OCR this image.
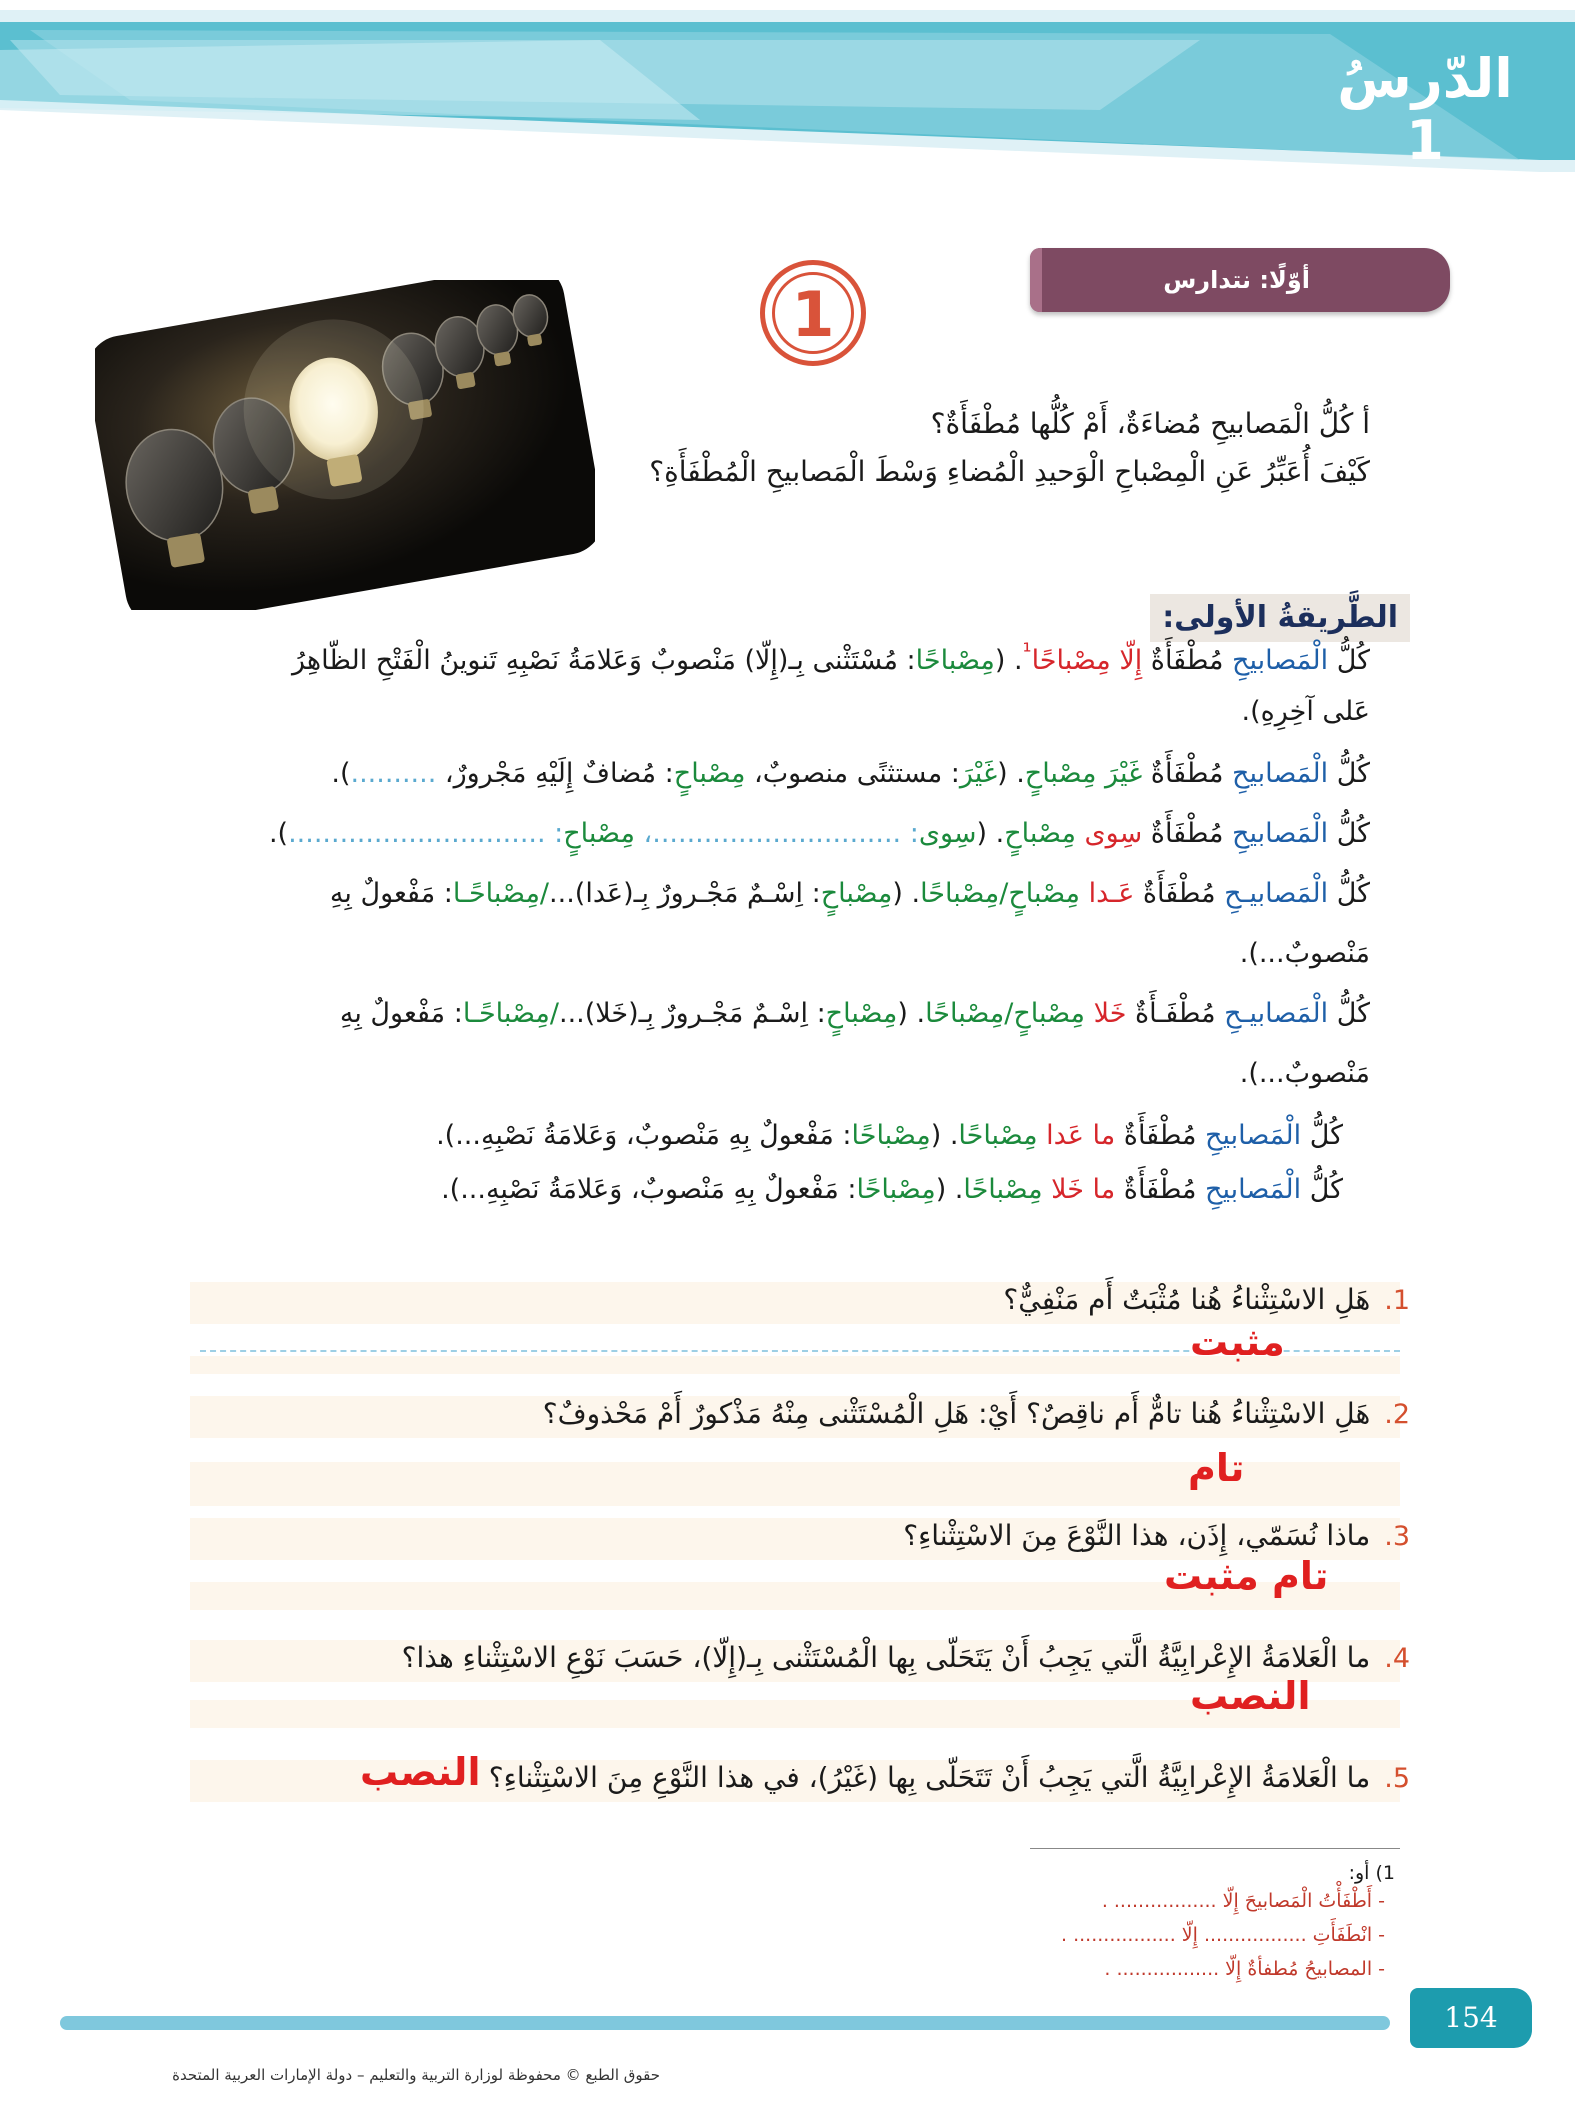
الدّرسُ
1
أوّلًا: نتدارس
1
أ كُلُّ الْمَصابيحِ مُضاءَةٌ، أَمْ كُلُّها مُطْفَأَةٌ؟
كَيْفَ أُعَبِّرُ عَنِ الْمِصْباحِ الْوَحيدِ الْمُضاءِ وَسْطَ الْمَصابيحِ الْمُطْفَأَةِ؟
الطَّريقةُ الأولى:
كُلُّ الْمَصابيحِ مُطْفَأَةٌ إِلّا مِصْباحًا$^{^1}$. (مِصْباحًا: مُسْتَثْنى بِـ(إِلّا) مَنْصوبٌ وَعَلامَةُ نَصْبِهِ تَنوينُ الْفَتْحِ الظّاهِرُ
عَلى آخِرِهِ).
كُلُّ الْمَصابيحِ مُطْفَأَةٌ غَيْرَ مِصْباحٍ. (غَيْرَ: مستثنًى منصوبٌ، مِصْباحٍ: مُضافٌ إِلَيْهِ مَجْرورٌ، ..........).
كُلُّ الْمَصابيحِ مُطْفَأَةٌ سِوى مِصْباحٍ. (سِوى: .............................، مِصْباحٍ: ..............................).
كُلُّ الْمَصابيـحِ مُطْفَأَةٌ عَـدا مِصْباحٍ/مِصْباحًا. (مِصْباحٍ: اِسْـمٌ مَجْـرورٌ بِـ(عَدا).../مِصْباحًـا: مَفْعولٌ بِهِ
مَنْصوبٌ...).
كُلُّ الْمَصابيـحِ مُطْفَـأَةٌ خَلا مِصْباحٍ/مِصْباحًا. (مِصْباحٍ: اِسْـمٌ مَجْـرورٌ بِـ(خَلا).../مِصْباحًـا: مَفْعولٌ بِهِ
مَنْصوبٌ...).
كُلُّ الْمَصابيحِ مُطْفَأَةٌ ما عَدا مِصْباحًا. (مِصْباحًا: مَفْعولٌ بِهِ مَنْصوبٌ، وَعَلامَةُ نَصْبِهِ...).
كُلُّ الْمَصابيحِ مُطْفَأَةٌ ما خَلا مِصْباحًا. (مِصْباحًا: مَفْعولٌ بِهِ مَنْصوبٌ، وَعَلامَةُ نَصْبِهِ...).
1.هَلِ الاسْتِثْناءُ هُنا مُثْبَتٌ أَم مَنْفِيٌّ؟
مثبت
2.هَلِ الاسْتِثْناءُ هُنا تامٌّ أَم ناقِصٌ؟ أَيْ: هَلِ الْمُسْتَثْنى مِنْهُ مَذْكورٌ أَمْ مَحْذوفٌ؟
تام
3.ماذا نُسَمّي، إِذَن، هذا النَّوْعَ مِنَ الاسْتِثْناءِ؟
تام مثبت
4.ما الْعَلامَةُ الإِعْرابِيَّةُ الَّتي يَجِبُ أَنْ يَتَحَلّى بِها الْمُسْتَثْنى بِـ(إِلّا)، حَسَبَ نَوْعِ الاسْتِثْناءِ هذا؟
النصب
5.ما الْعَلامَةُ الإِعْرابِيَّةُ الَّتي يَجِبُ أَنْ تَتَحَلّى بِها (غَيْرُ)، في هذا النَّوْعِ مِنَ الاسْتِثْناءِ؟
النصب
1) أو:
- أَطْفَأْتُ الْمَصابيحَ إِلّا ................. .
- انْطَفَأَتِ ................. إِلّا ................. .
- المصابيحُ مُطفأةٌ إِلّا ................. .
154
حقوق الطبع © محفوظة لوزارة التربية والتعليم – دولة الإمارات العربية المتحدة
